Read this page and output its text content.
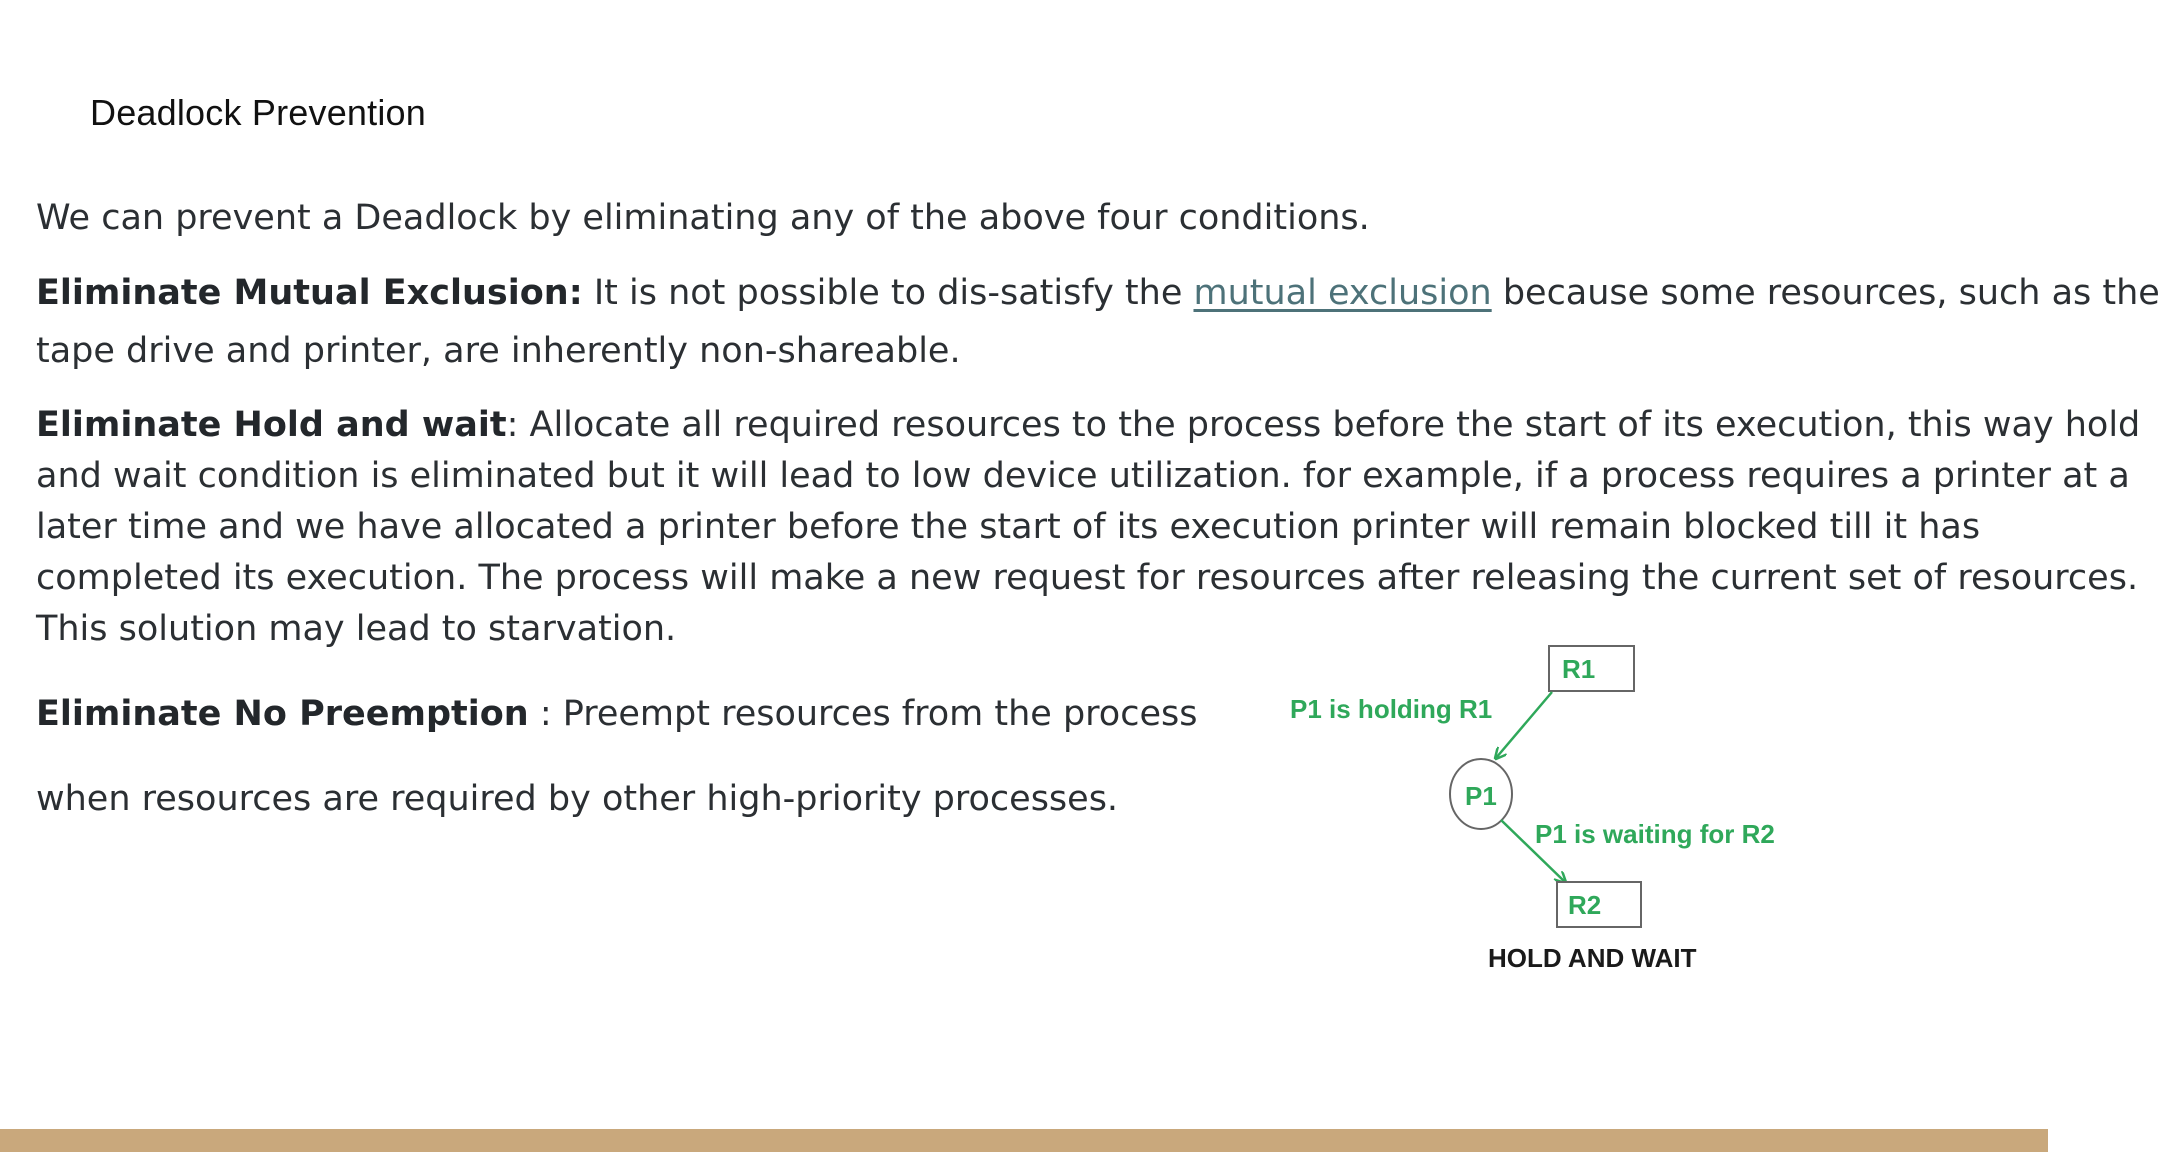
Deadlock Prevention

We can prevent a Deadlock by eliminating any of the above four conditions.

Eliminate Mutual Exclusion: It is not possible to dis-satisfy the mutual exclusion because some resources, such as the

tape drive and printer, are inherently non-shareable.

Eliminate Hold and wait: Allocate all required resources to the process before the start of its execution, this way hold

and wait condition is eliminated but it will lead to low device utilization. for example, if a process requires a printer at a

later time and we have allocated a printer before the start of its execution printer will remain blocked till it has

completed its execution. The process will make a new request for resources after releasing the current set of resources.

This solution may lead to starvation.

Eliminate No Preemption : Preempt resources from the process

when resources are required by other high-priority processes.

R1
P1 is holding R1
P1
P1 is waiting for R2
R2
HOLD AND WAIT
